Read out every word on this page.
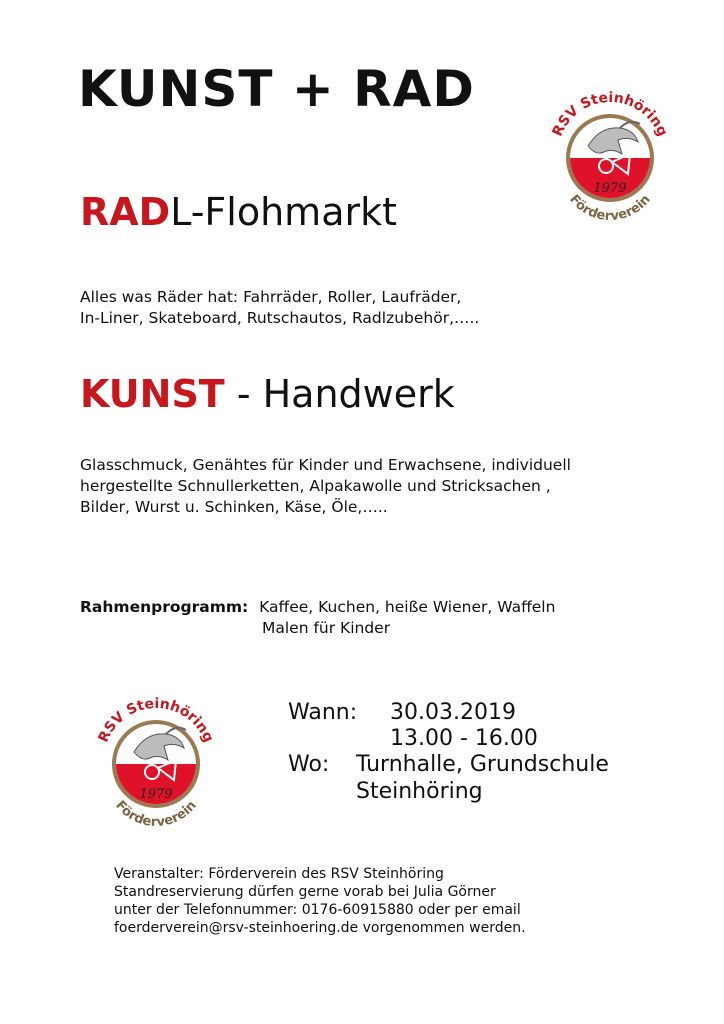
KUNST + RAD
RSV Steinhöring
1979
Förderverein
RADL-Flohmarkt
Alles was Räder hat: Fahrräder, Roller, Laufräder,
In-Liner, Skateboard, Rutschautos, Radlzubehör,…..
KUNST - Handwerk
Glasschmuck, Genähtes für Kinder und Erwachsene, individuell
hergestellte Schnullerketten, Alpakawolle und Stricksachen ,
Bilder, Wurst u. Schinken, Käse, Öle,…..
Rahmenprogramm: Kaffee, Kuchen, heiße Wiener, Waffeln
Malen für Kinder
RSV Steinhöring
1979
Förderverein
Wann: 30.03.2019
13.00 - 16.00
Wo: Turnhalle, Grundschule
Steinhöring
Veranstalter: Förderverein des RSV Steinhöring
Standreservierung dürfen gerne vorab bei Julia Görner
unter der Telefonnummer: 0176-60915880 oder per email
foerderverein@rsv-steinhoering.de vorgenommen werden.
